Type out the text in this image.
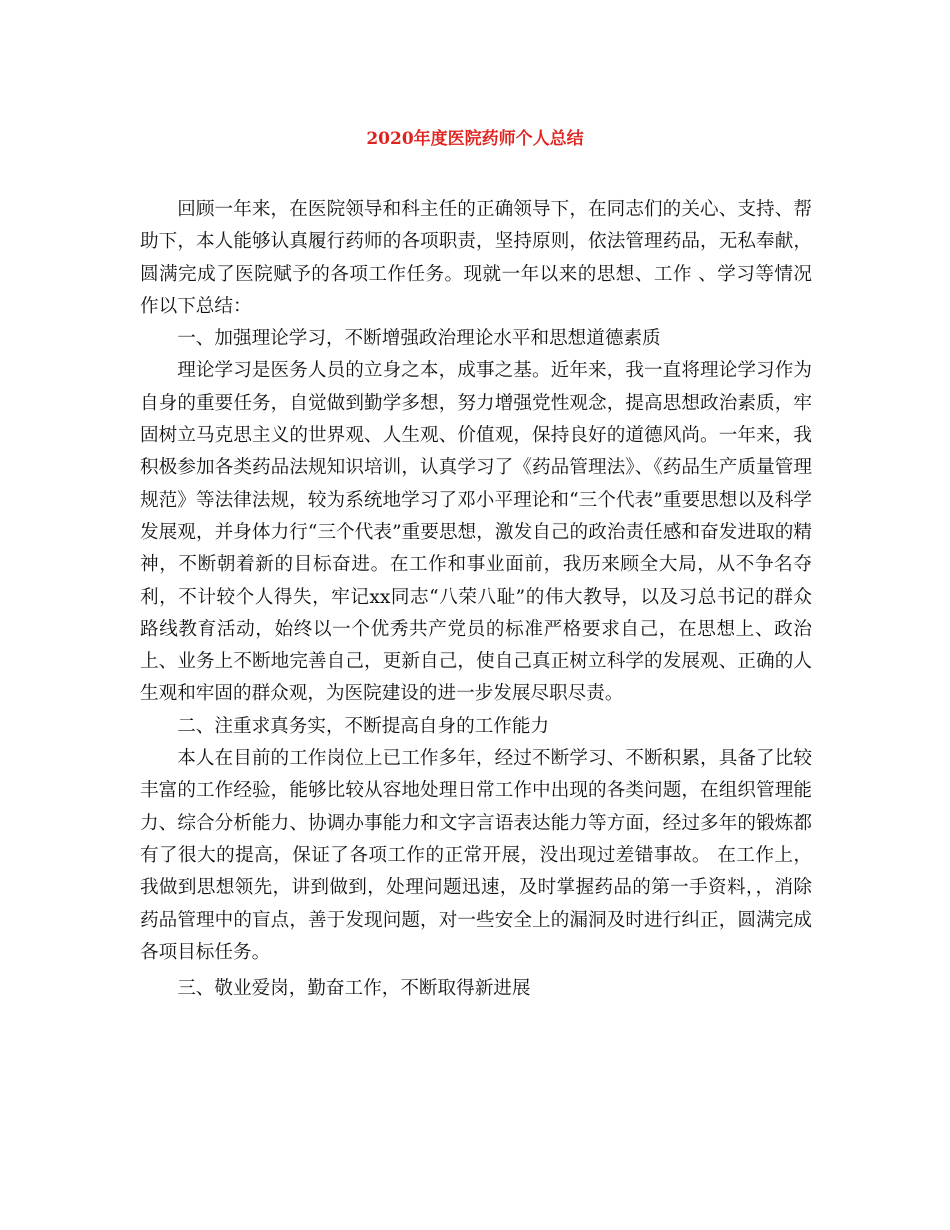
2020年度医院药师个人总结

回顾一年来，在医院领导和科主任的正确领导下，在同志们的关心、支持、帮助下，本人能够认真履行药师的各项职责，坚持原则，依法管理药品，无私奉献，圆满完成了医院赋予的各项工作任务。现就一年以来的思想、工作 、学习等情况作以下总结：

一、加强理论学习，不断增强政治理论水平和思想道德素质

理论学习是医务人员的立身之本，成事之基。近年来，我一直将理论学习作为自身的重要任务，自觉做到勤学多想，努力增强党性观念，提高思想政治素质，牢固树立马克思主义的世界观、人生观、价值观，保持良好的道德风尚。一年来，我积极参加各类药品法规知识培训，认真学习了《药品管理法》、《药品生产质量管理规范》等法律法规，较为系统地学习了邓小平理论和“三个代表”重要思想以及科学发展观，并身体力行“三个代表”重要思想，激发自己的政治责任感和奋发进取的精神，不断朝着新的目标奋进。在工作和事业面前，我历来顾全大局，从不争名夺利，不计较个人得失，牢记xx同志“八荣八耻”的伟大教导，以及习总书记的群众路线教育活动，始终以一个优秀共产党员的标准严格要求自己，在思想上、政治上、业务上不断地完善自己，更新自己，使自己真正树立科学的发展观、正确的人生观和牢固的群众观，为医院建设的进一步发展尽职尽责。

二、注重求真务实，不断提高自身的工作能力

本人在目前的工作岗位上已工作多年，经过不断学习、不断积累，具备了比较丰富的工作经验，能够比较从容地处理日常工作中出现的各类问题，在组织管理能力、综合分析能力、协调办事能力和文字言语表达能力等方面，经过多年的锻炼都有了很大的提高，保证了各项工作的正常开展，没出现过差错事故。 在工作上，我做到思想领先，讲到做到，处理问题迅速，及时掌握药品的第一手资料，，消除药品管理中的盲点，善于发现问题，对一些安全上的漏洞及时进行纠正，圆满完成各项目标任务。

三、敬业爱岗，勤奋工作，不断取得新进展
